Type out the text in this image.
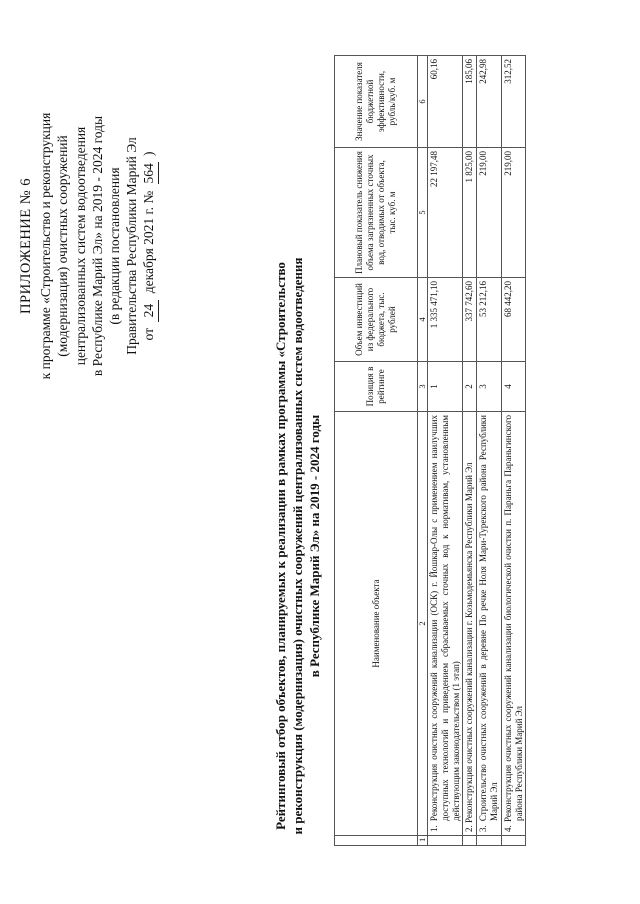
ПРИЛОЖЕНИЕ № 6 к программе «Строительство и реконструкция (модернизация) очистных сооружений централизованных систем водоотведения в Республике Марий Эл» на 2019 - 2024 годы (в редакции постановления Правительства Республики Марий Эл от 24 декабря 2021 г. № 564 )
Рейтинговый отбор объектов, планируемых к реализации в рамках программы «Строительство и реконструкция (модернизация) очистных сооружений централизованных систем водоотведения в Республике Марий Эл» на 2019 - 2024 годы
		Наименование объекта	Позиция в рейтинге	Объем инвестиций из федерального бюджета, тыс. рублей	Плановый показатель снижения объема загрязненных сточных вод, отводимых от объекта, тыс. куб. м	Значение показателя бюджетной эффективности, рубль/куб. м
1	2	3	4	5	6
	1. Реконструкция очистных сооружений канализации (ОСК) г. Йошкар-Олы с применением наилучших доступных технологий и приведением сбрасываемых сточных вод к нормативам, установленным действующим законодательством (1 этап)	1	1 335 471,10	22 197,48	60,16
	2. Реконструкция очистных сооружений канализации г. Козьмодемьянска Республики Марий Эл	2	337 742,60	1 825,00	185,06
	3. Строительство очистных сооружений в деревне По речке Ноля Мари-Турекского района Республики Марий Эл	3	53 212,16	219,00	242,98
	4. Реконструкция очистных сооружений канализации биологической очистки п. Параньга Параньгинского района Республики Марий Эл	4	68 442,20	219,00	312,52
